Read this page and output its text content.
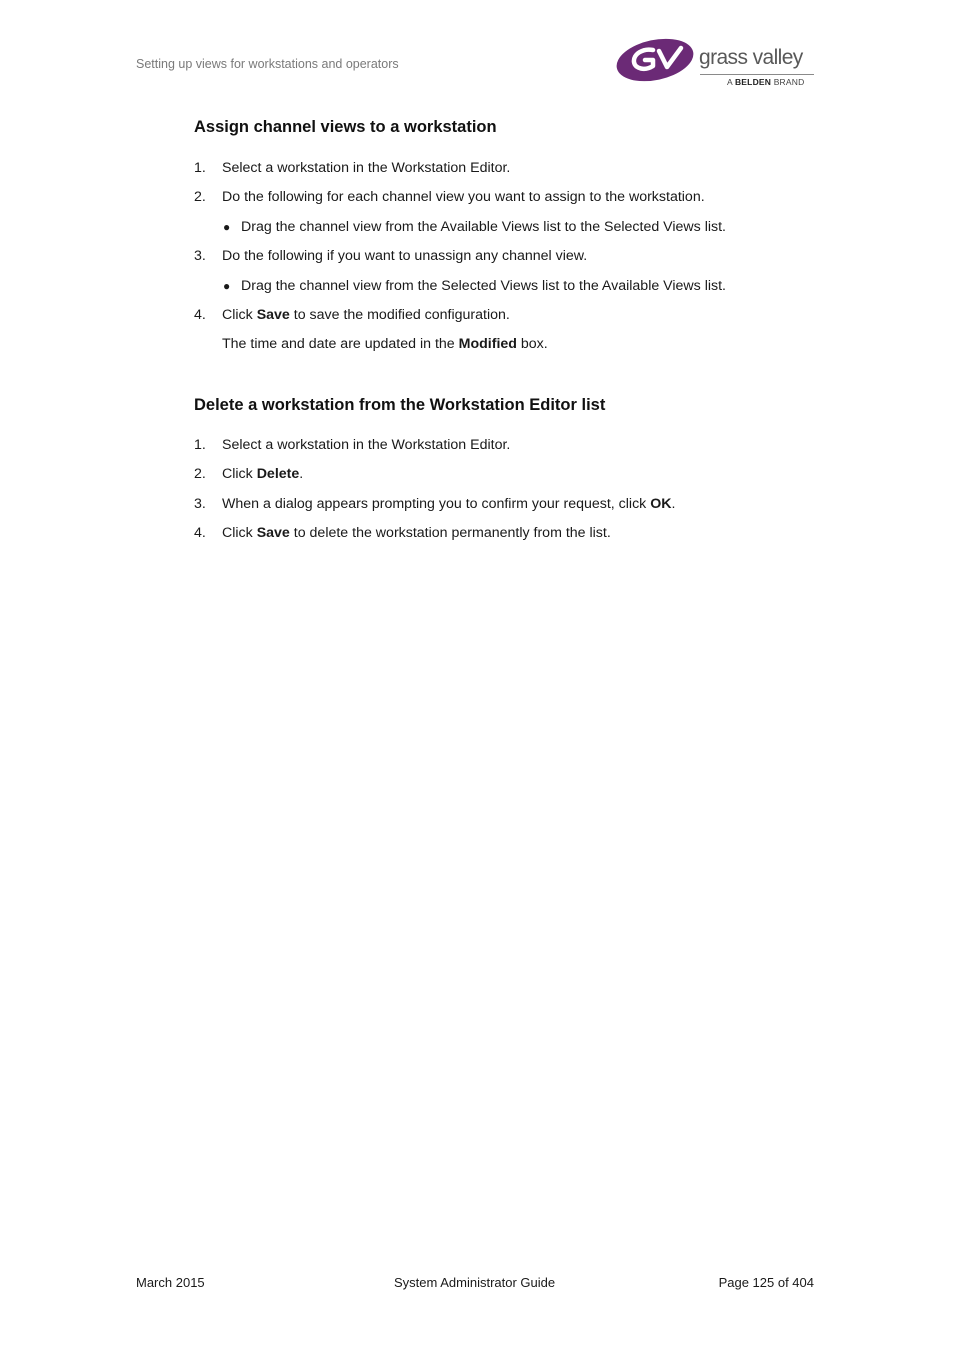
Setting up views for workstations and operators	grass valley
A BELDEN BRAND
Assign channel views to a workstation
1. Select a workstation in the Workstation Editor.
2. Do the following for each channel view you want to assign to the workstation.
● Drag the channel view from the Available Views list to the Selected Views list.
3. Do the following if you want to unassign any channel view.
● Drag the channel view from the Selected Views list to the Available Views list.
4. Click Save to save the modified configuration.
The time and date are updated in the Modified box.
Delete a workstation from the Workstation Editor list
1. Select a workstation in the Workstation Editor.
2. Click Delete.
3. When a dialog appears prompting you to confirm your request, click OK.
4. Click Save to delete the workstation permanently from the list.
March 2015	System Administrator Guide	Page 125 of 404
